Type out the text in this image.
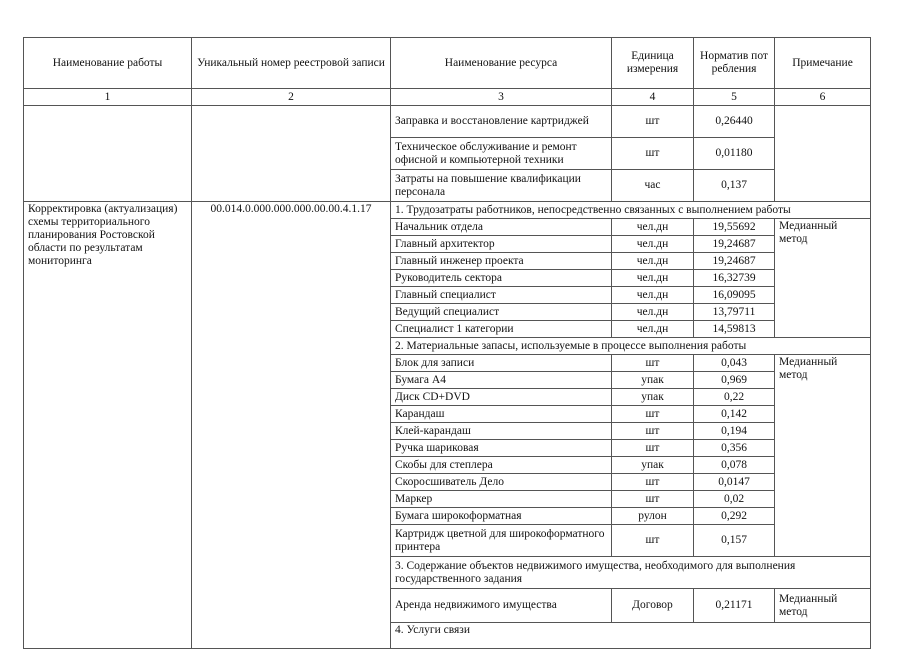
Наименование работы	Уникальный номер реестровой записи	Наименование ресурса	Единица измерения	Норматив потребления	Примечание
1	2	3	4	5	6
		Заправка и восстановление картриджей	шт	0,26440	
		Техническое обслуживание и ремонт офисной и компьютерной техники	шт	0,01180	
		Затраты на повышение квалификации персонала	час	0,137	
Корректировка (актуализация) схемы территориального планирования Ростовской области по результатам мониторинга	00.014.0.000.000.000.00.00.4.1.17	1. Трудозатраты работников, непосредственно связанных с выполнением работы			
		Начальник отдела	чел.дн	19,55692	Медианный метод
		Главный архитектор	чел.дн	19,24687	
		Главный инженер проекта	чел.дн	19,24687	
		Руководитель сектора	чел.дн	16,32739	
		Главный специалист	чел.дн	16,09095	
		Ведущий специалист	чел.дн	13,79711	
		Специалист 1 категории	чел.дн	14,59813	
		2. Материальные запасы, используемые в процессе выполнения работы			
		Блок для записи	шт	0,043	Медианный метод
		Бумага А4	упак	0,969	
		Диск CD+DVD	упак	0,22	
		Карандаш	шт	0,142	
		Клей-карандаш	шт	0,194	
		Ручка шариковая	шт	0,356	
		Скобы для степлера	упак	0,078	
		Скоросшиватель Дело	шт	0,0147	
		Маркер	шт	0,02	
		Бумага широкоформатная	рулон	0,292	
		Картридж цветной для широкоформатного принтера	шт	0,157	
		3. Содержание объектов недвижимого имущества, необходимого для выполнения государственного задания			
		Аренда недвижимого имущества	Договор	0,21171	Медианный метод
		4. Услуги связи			
